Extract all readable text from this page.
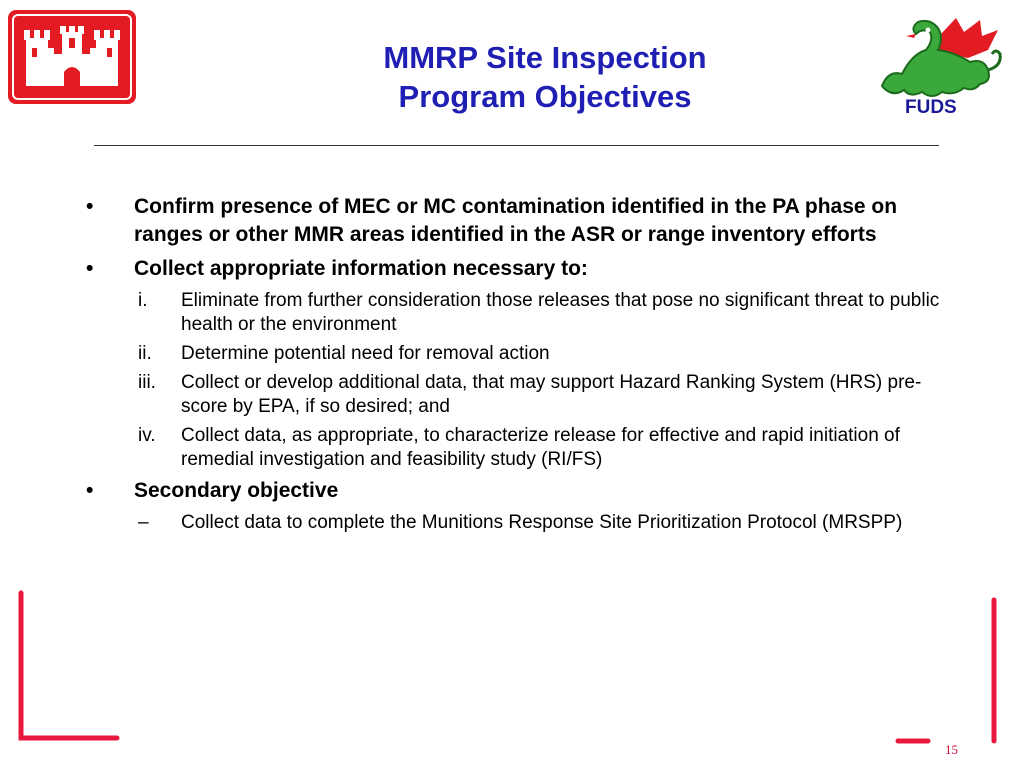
MMRP Site Inspection
Program Objectives	FUDS
•	Confirm presence of MEC or MC contamination identified in the PA phase on ranges or other MMR areas identified in the ASR or range inventory efforts
•	Collect appropriate information necessary to:
i.	Eliminate from further consideration those releases that pose no significant threat to public health or the environment
ii.	Determine potential need for removal action
iii.	Collect or develop additional data, that may support Hazard Ranking System (HRS) pre-score by EPA, if so desired; and
iv.	Collect data, as appropriate, to characterize release for effective and rapid initiation of remedial investigation and feasibility study (RI/FS)
•	Secondary objective
–	Collect data to complete the Munitions Response Site Prioritization Protocol (MRSPP)
15
